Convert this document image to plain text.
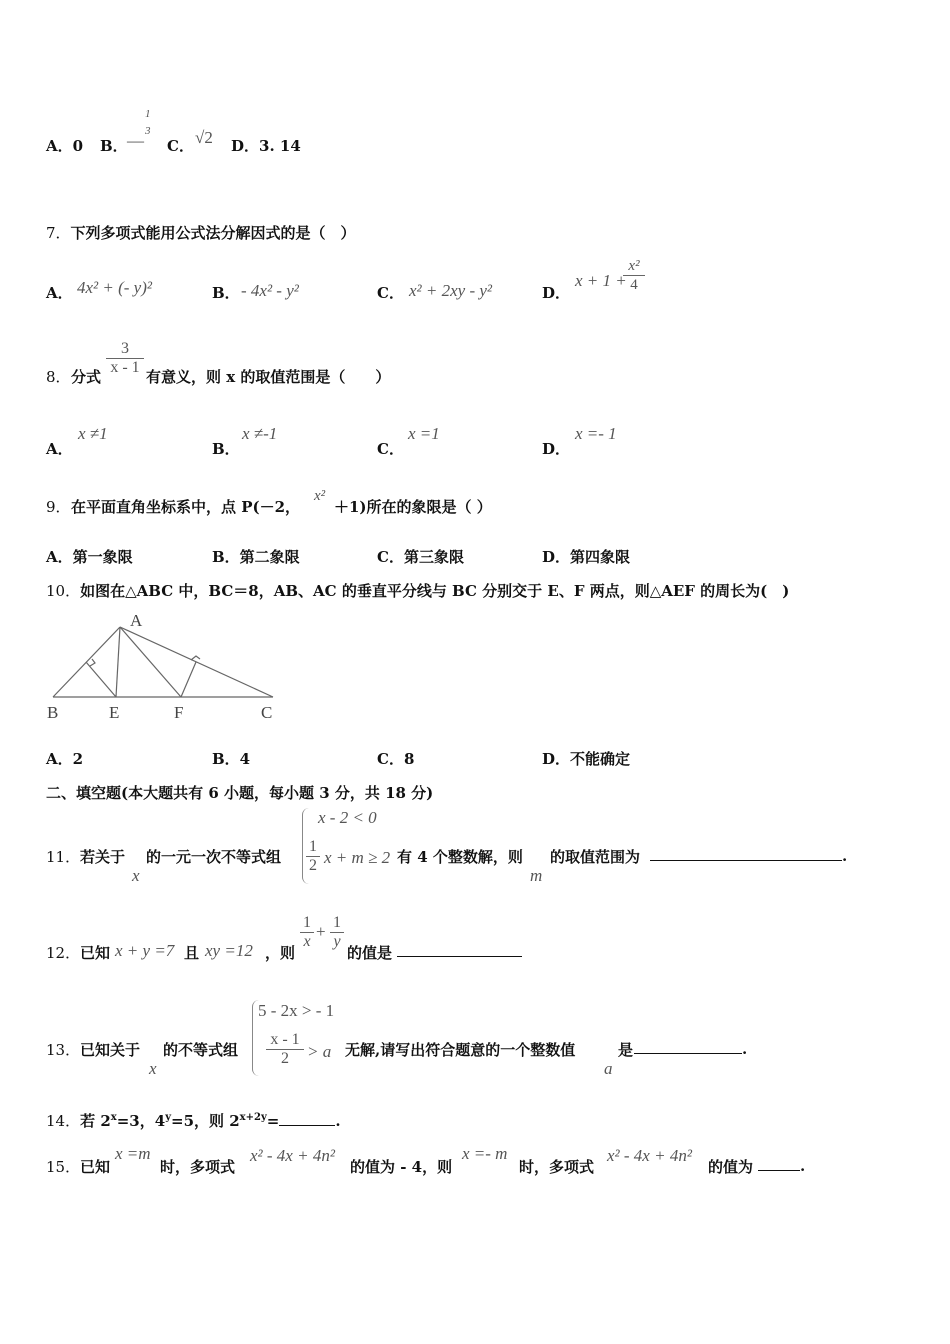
A．0 B． —
1
3
C． √2 D．3. 14
7．下列多项式能用公式法分解因式的是（　）
A． 4x² + (- y)²	B． - 4x² - y²	C． x² + 2xy - y²	D．
x + 1 +
$\frac{\text{x²}}{4}$
8． 分式 $\frac{3}{x - 1}$ 有意义，则 x 的取值范围是（　　）
A．
x ≠1
B．
x ≠-1
C．
x =1
D．
x =- 1
9． 在平面直角坐标系中，点 P(－2，
x²
＋1)所在的象限是（ ）
A．第一象限	B．第二象限	C．第三象限	D．第四象限
10．如图在△ABC 中，BC＝8，AB、AC 的垂直平分线与 BC 分别交于 E、F 两点，则△AEF 的周长为(　)
A
B	E	F	C
A．2	B．4	C．8	D．不能确定
二、填空题(本大题共有 6 小题，每小题 3 分，共 18 分)
11． 若关于
x
的一元一次不等式组
x - 2 < 0
$\frac{1}{2}$ x + m ≥ 2 有 4 个整数解，则
m
的取值范围为	.
12． 已知 x + y =7 且 xy =12 ，则
$\frac{1}{x} + \frac{1}{y}$
的值是
13． 已知关于
x
的不等式组
5 - 2x > - 1
$\frac{x - 1}{2} > a$ 无解,请写出符合题意的一个整数值
a
是	.
14．若 $2^x=3$，$4^y=5$，则 $2^{x+2y}=$	.
15． 已知
x =m
时，多项式
x² - 4x + 4n²
的值为 - 4，则
x =- m
时，多项式
x² - 4x + 4n²
的值为	.
